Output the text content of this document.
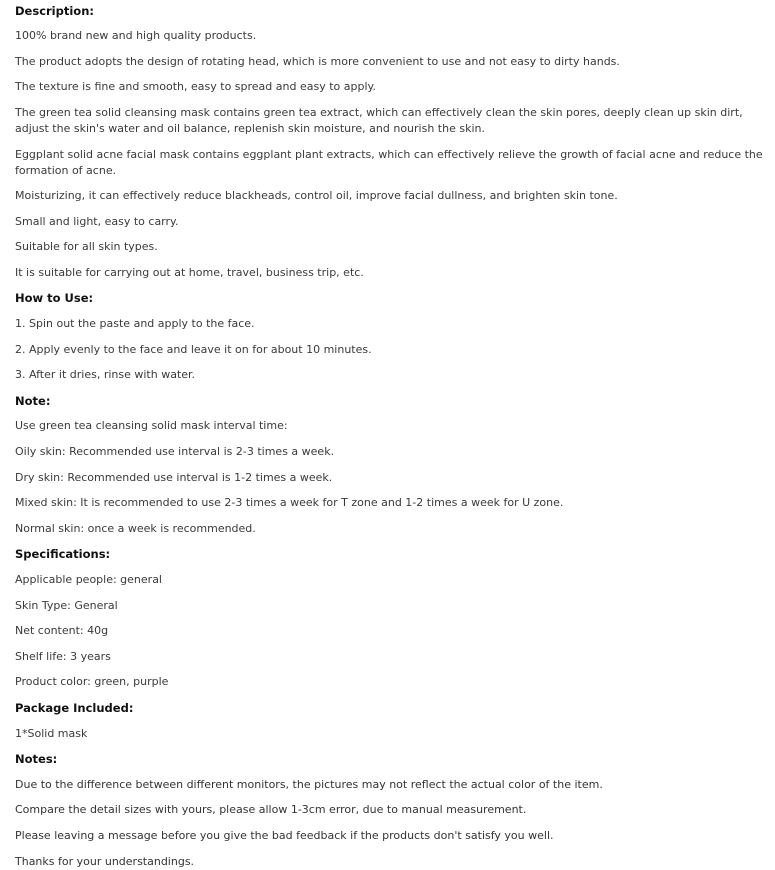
Description:
100% brand new and high quality products.
The product adopts the design of rotating head, which is more convenient to use and not easy to dirty hands.
The texture is fine and smooth, easy to spread and easy to apply.
The green tea solid cleansing mask contains green tea extract, which can effectively clean the skin pores, deeply clean up skin dirt, adjust the skin's water and oil balance, replenish skin moisture, and nourish the skin.
Eggplant solid acne facial mask contains eggplant plant extracts, which can effectively relieve the growth of facial acne and reduce the formation of acne.
Moisturizing, it can effectively reduce blackheads, control oil, improve facial dullness, and brighten skin tone.
Small and light, easy to carry.
Suitable for all skin types.
It is suitable for carrying out at home, travel, business trip, etc.
How to Use:
1. Spin out the paste and apply to the face.
2. Apply evenly to the face and leave it on for about 10 minutes.
3. After it dries, rinse with water.
Note:
Use green tea cleansing solid mask interval time:
Oily skin: Recommended use interval is 2-3 times a week.
Dry skin: Recommended use interval is 1-2 times a week.
Mixed skin: It is recommended to use 2-3 times a week for T zone and 1-2 times a week for U zone.
Normal skin: once a week is recommended.
Specifications:
Applicable people: general
Skin Type: General
Net content: 40g
Shelf life: 3 years
Product color: green, purple
Package Included:
1*Solid mask
Notes:
Due to the difference between different monitors, the pictures may not reflect the actual color of the item.
Compare the detail sizes with yours, please allow 1-3cm error, due to manual measurement.
Please leaving a message before you give the bad feedback if the products don't satisfy you well.
Thanks for your understandings.
